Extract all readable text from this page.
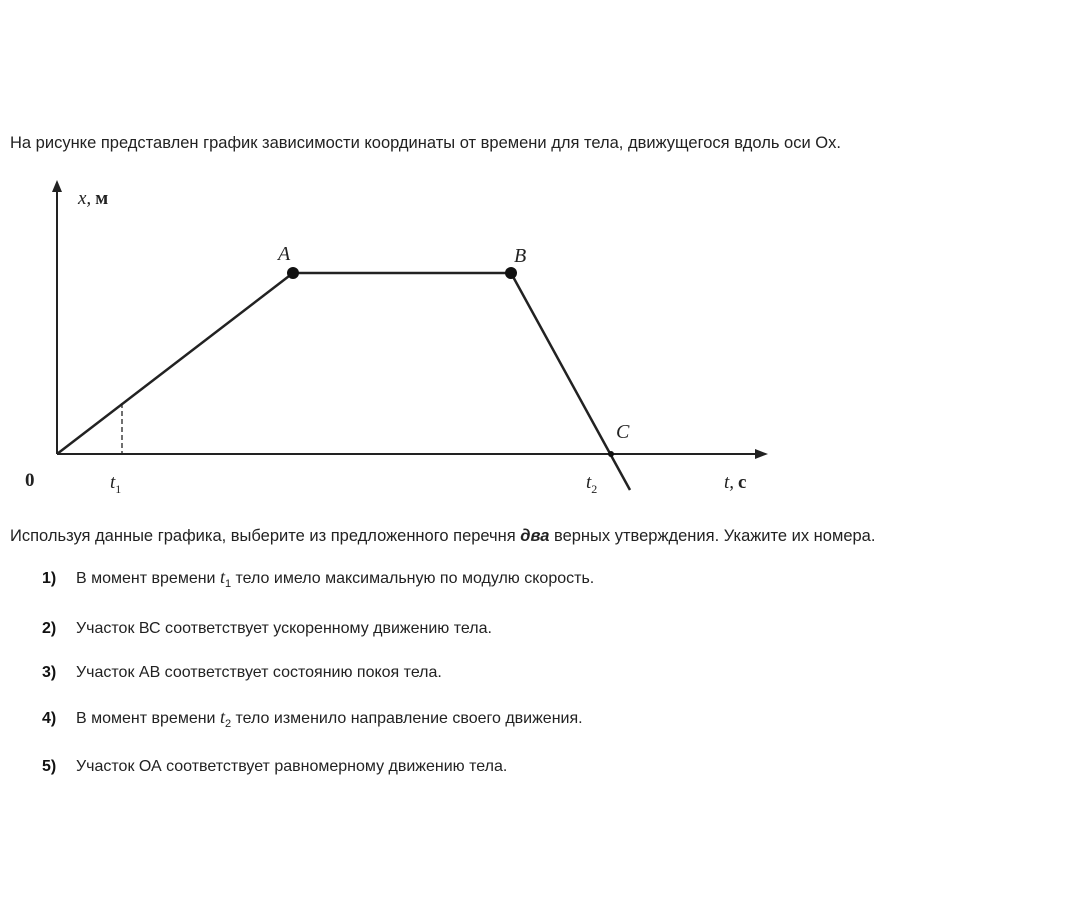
На рисунке представлен график зависимости координаты от времени для тела, движущегося вдоль оси Ox.
x, м
t, с
0
A	B
C
$t_1$	$t_2$
Используя данные графика, выберите из предложенного перечня два верных утверждения. Укажите их номера.
1) В момент времени $t_1$ тело имело максимальную по модулю скорость.
2) Участок ВС соответствует ускоренному движению тела.
3) Участок АВ соответствует состоянию покоя тела.
4) В момент времени $t_2$ тело изменило направление своего движения.
5) Участок ОА соответствует равномерному движению тела.
